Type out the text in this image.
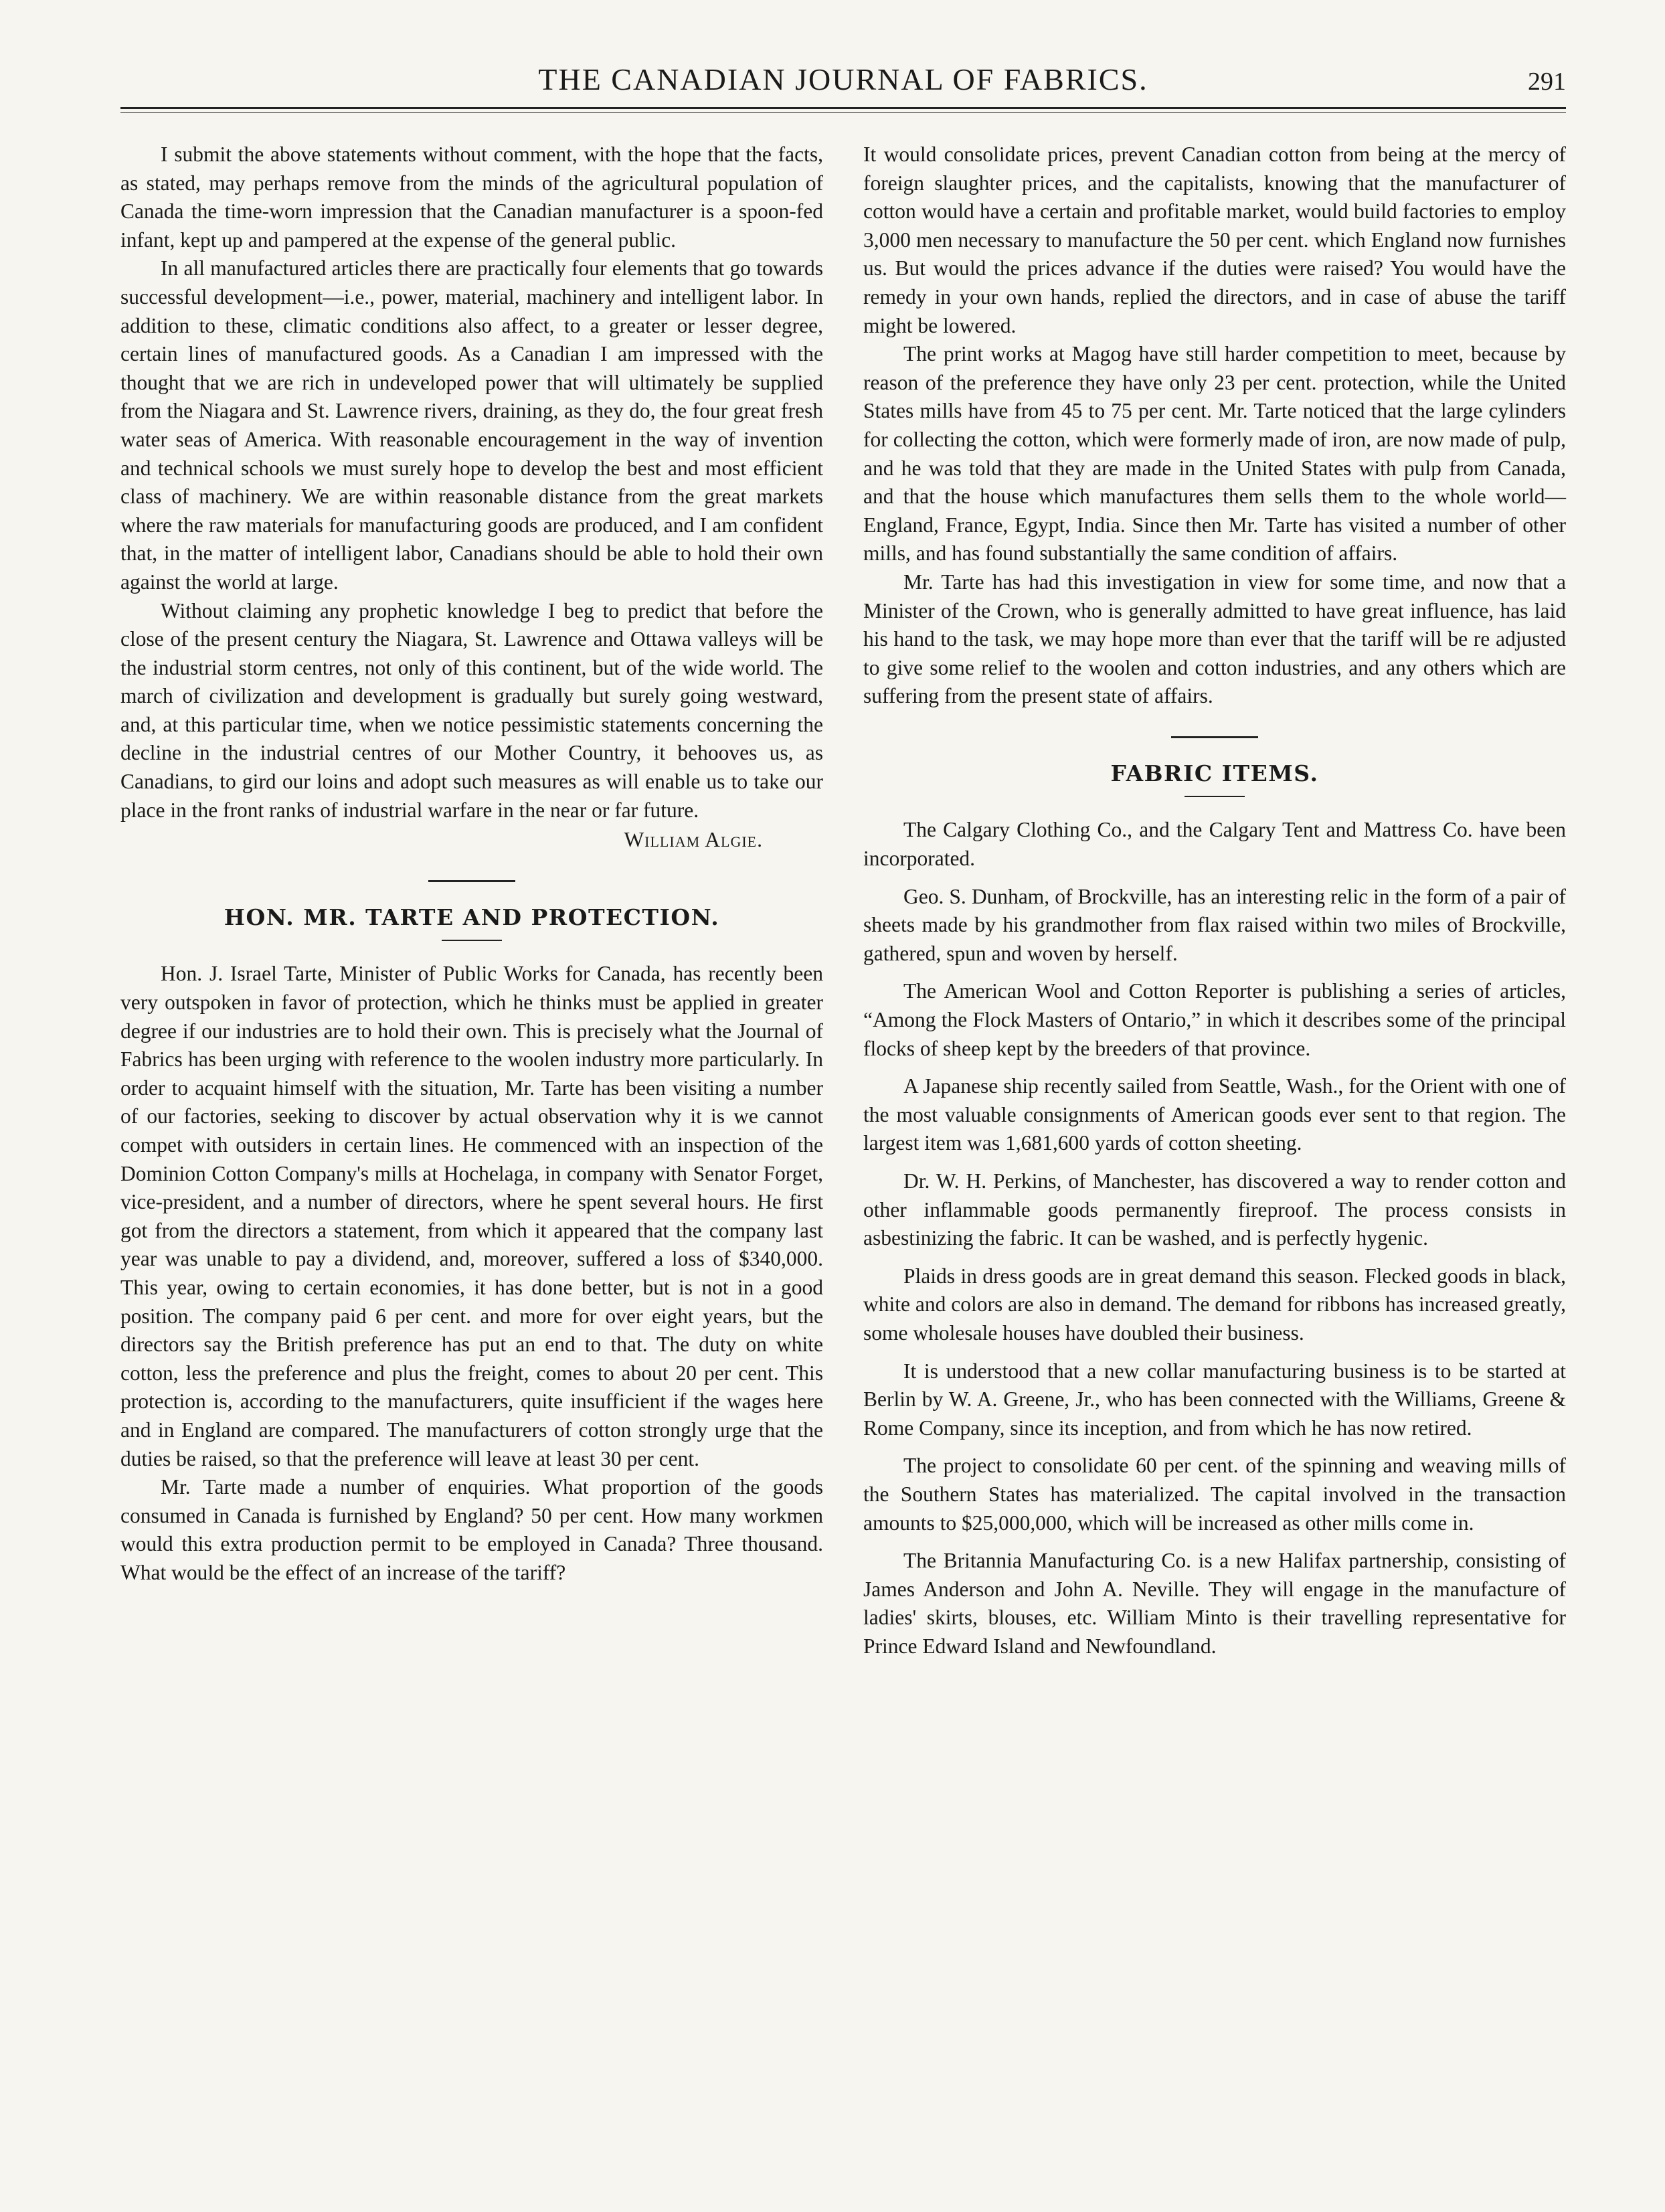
THE CANADIAN JOURNAL OF FABRICS.	291

I submit the above statements without comment, with the hope that the facts, as stated, may perhaps remove from the minds of the agricultural population of Canada the time-worn impression that the Canadian manufacturer is a spoon-fed infant, kept up and pampered at the expense of the general public.

In all manufactured articles there are practically four elements that go towards successful development—i.e., power, material, machinery and intelligent labor. In addition to these, climatic conditions also affect, to a greater or lesser degree, certain lines of manufactured goods. As a Canadian I am impressed with the thought that we are rich in undeveloped power that will ultimately be supplied from the Niagara and St. Lawrence rivers, draining, as they do, the four great fresh water seas of America. With reasonable encouragement in the way of invention and technical schools we must surely hope to develop the best and most efficient class of machinery. We are within reasonable distance from the great markets where the raw materials for manufacturing goods are produced, and I am confident that, in the matter of intelligent labor, Canadians should be able to hold their own against the world at large.

Without claiming any prophetic knowledge I beg to predict that before the close of the present century the Niagara, St. Lawrence and Ottawa valleys will be the industrial storm centres, not only of this continent, but of the wide world. The march of civilization and development is gradually but surely going westward, and, at this particular time, when we notice pessimistic statements concerning the decline in the industrial centres of our Mother Country, it behooves us, as Canadians, to gird our loins and adopt such measures as will enable us to take our place in the front ranks of industrial warfare in the near or far future.

William Algie.
HON. MR. TARTE AND PROTECTION.

Hon. J. Israel Tarte, Minister of Public Works for Canada, has recently been very outspoken in favor of protection, which he thinks must be applied in greater degree if our industries are to hold their own. This is precisely what the Journal of Fabrics has been urging with reference to the woolen industry more particularly. In order to acquaint himself with the situation, Mr. Tarte has been visiting a number of our factories, seeking to discover by actual observation why it is we cannot compet with outsiders in certain lines. He commenced with an inspection of the Dominion Cotton Company's mills at Hochelaga, in company with Senator Forget, vice-president, and a number of directors, where he spent several hours. He first got from the directors a statement, from which it appeared that the company last year was unable to pay a dividend, and, moreover, suffered a loss of $340,000. This year, owing to certain economies, it has done better, but is not in a good position. The company paid 6 per cent. and more for over eight years, but the directors say the British preference has put an end to that. The duty on white cotton, less the preference and plus the freight, comes to about 20 per cent. This protection is, according to the manufacturers, quite insufficient if the wages here and in England are compared. The manufacturers of cotton strongly urge that the duties be raised, so that the preference will leave at least 30 per cent.

Mr. Tarte made a number of enquiries. What proportion of the goods consumed in Canada is furnished by England? 50 per cent. How many workmen would this extra production permit to be employed in Canada? Three thousand. What would be the effect of an increase of the tariff?

It would consolidate prices, prevent Canadian cotton from being at the mercy of foreign slaughter prices, and the capitalists, knowing that the manufacturer of cotton would have a certain and profitable market, would build factories to employ 3,000 men necessary to manufacture the 50 per cent. which England now furnishes us. But would the prices advance if the duties were raised? You would have the remedy in your own hands, replied the directors, and in case of abuse the tariff might be lowered.

The print works at Magog have still harder competition to meet, because by reason of the preference they have only 23 per cent. protection, while the United States mills have from 45 to 75 per cent. Mr. Tarte noticed that the large cylinders for collecting the cotton, which were formerly made of iron, are now made of pulp, and he was told that they are made in the United States with pulp from Canada, and that the house which manufactures them sells them to the whole world—England, France, Egypt, India. Since then Mr. Tarte has visited a number of other mills, and has found substantially the same condition of affairs.

Mr. Tarte has had this investigation in view for some time, and now that a Minister of the Crown, who is generally admitted to have great influence, has laid his hand to the task, we may hope more than ever that the tariff will be re adjusted to give some relief to the woolen and cotton industries, and any others which are suffering from the present state of affairs.

FABRIC ITEMS.

The Calgary Clothing Co., and the Calgary Tent and Mattress Co. have been incorporated.

Geo. S. Dunham, of Brockville, has an interesting relic in the form of a pair of sheets made by his grandmother from flax raised within two miles of Brockville, gathered, spun and woven by herself.

The American Wool and Cotton Reporter is publishing a series of articles, “Among the Flock Masters of Ontario,” in which it describes some of the principal flocks of sheep kept by the breeders of that province.

A Japanese ship recently sailed from Seattle, Wash., for the Orient with one of the most valuable consignments of American goods ever sent to that region. The largest item was 1,681,600 yards of cotton sheeting.

Dr. W. H. Perkins, of Manchester, has discovered a way to render cotton and other inflammable goods permanently fireproof. The process consists in asbestinizing the fabric. It can be washed, and is perfectly hygenic.

Plaids in dress goods are in great demand this season. Flecked goods in black, white and colors are also in demand. The demand for ribbons has increased greatly, some wholesale houses have doubled their business.

It is understood that a new collar manufacturing business is to be started at Berlin by W. A. Greene, Jr., who has been connected with the Williams, Greene & Rome Company, since its inception, and from which he has now retired.

The project to consolidate 60 per cent. of the spinning and weaving mills of the Southern States has materialized. The capital involved in the transaction amounts to $25,000,000, which will be increased as other mills come in.

The Britannia Manufacturing Co. is a new Halifax partnership, consisting of James Anderson and John A. Neville. They will engage in the manufacture of ladies' skirts, blouses, etc. William Minto is their travelling representative for Prince Edward Island and Newfoundland.
